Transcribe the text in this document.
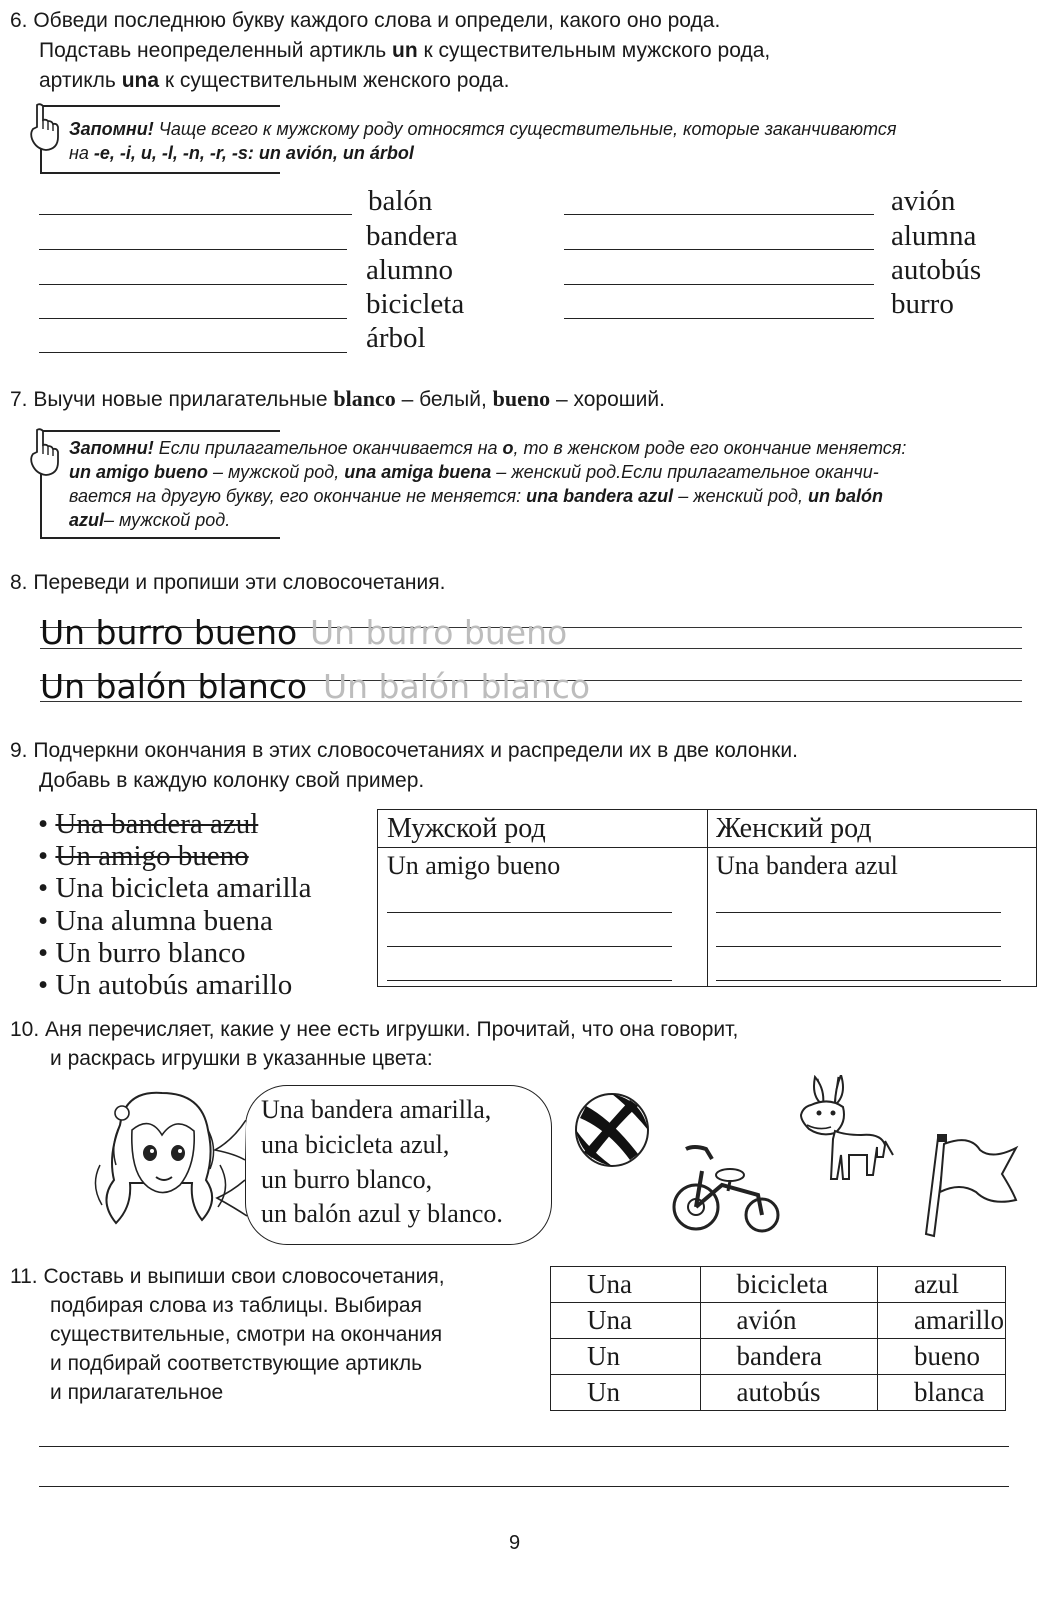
6. Обведи последнюю букву каждого слова и определи, какого оно рода.
Подставь неопределенный артикль un к существительным мужского рода,
артикль una к существительным женского рода.
Запомни! Чаще всего к мужскому роду относятся существительные, которые заканчиваются
на -e, -i, u, -l, -n, -r, -s: un avión, un árbol
balón
bandera
alumno
bicicleta
árbol
avión
alumna
autobús
burro
7. Выучи новые прилагательные blanco – белый, bueno – хороший.
Запомни! Если прилагательное оканчивается на o, то в женском роде его окончание меняется:
un amigo bueno – мужской род, una amiga buena – женский род.Если прилагательное оканчи-
вается на другую букву, его окончание не меняется: una bandera azul – женский род, un balón
azul– мужской род.
8. Переведи и пропиши эти словосочетания.
Un burro bueno Un burro bueno
Un balón blanco Un balón blanco
9. Подчеркни окончания в этих словосочетаниях и распредели их в две колонки.
Добавь в каждую колонку свой пример.
• Una bandera azul
• Un amigo bueno
• Una bicicleta amarilla
• Una alumna buena
• Un burro blanco
• Un autobús amarillo
Мужской род	Женский род
Un amigo bueno	Una bandera azul
10. Аня перечисляет, какие у нее есть игрушки. Прочитай, что она говорит,
и раскрась игрушки в указанные цвета:
Una bandera amarilla,
una bicicleta azul,
un burro blanco,
un balón azul y blanco.
11. Составь и выпиши свои словосочетания,
подбирая слова из таблицы. Выбирая
существительные, смотри на окончания
и подбирай соответствующие артикль
и прилагательное
Una	bicicleta	azul
Una	avión	amarillo
Un	bandera	bueno
Un	autobús	blanca
9
